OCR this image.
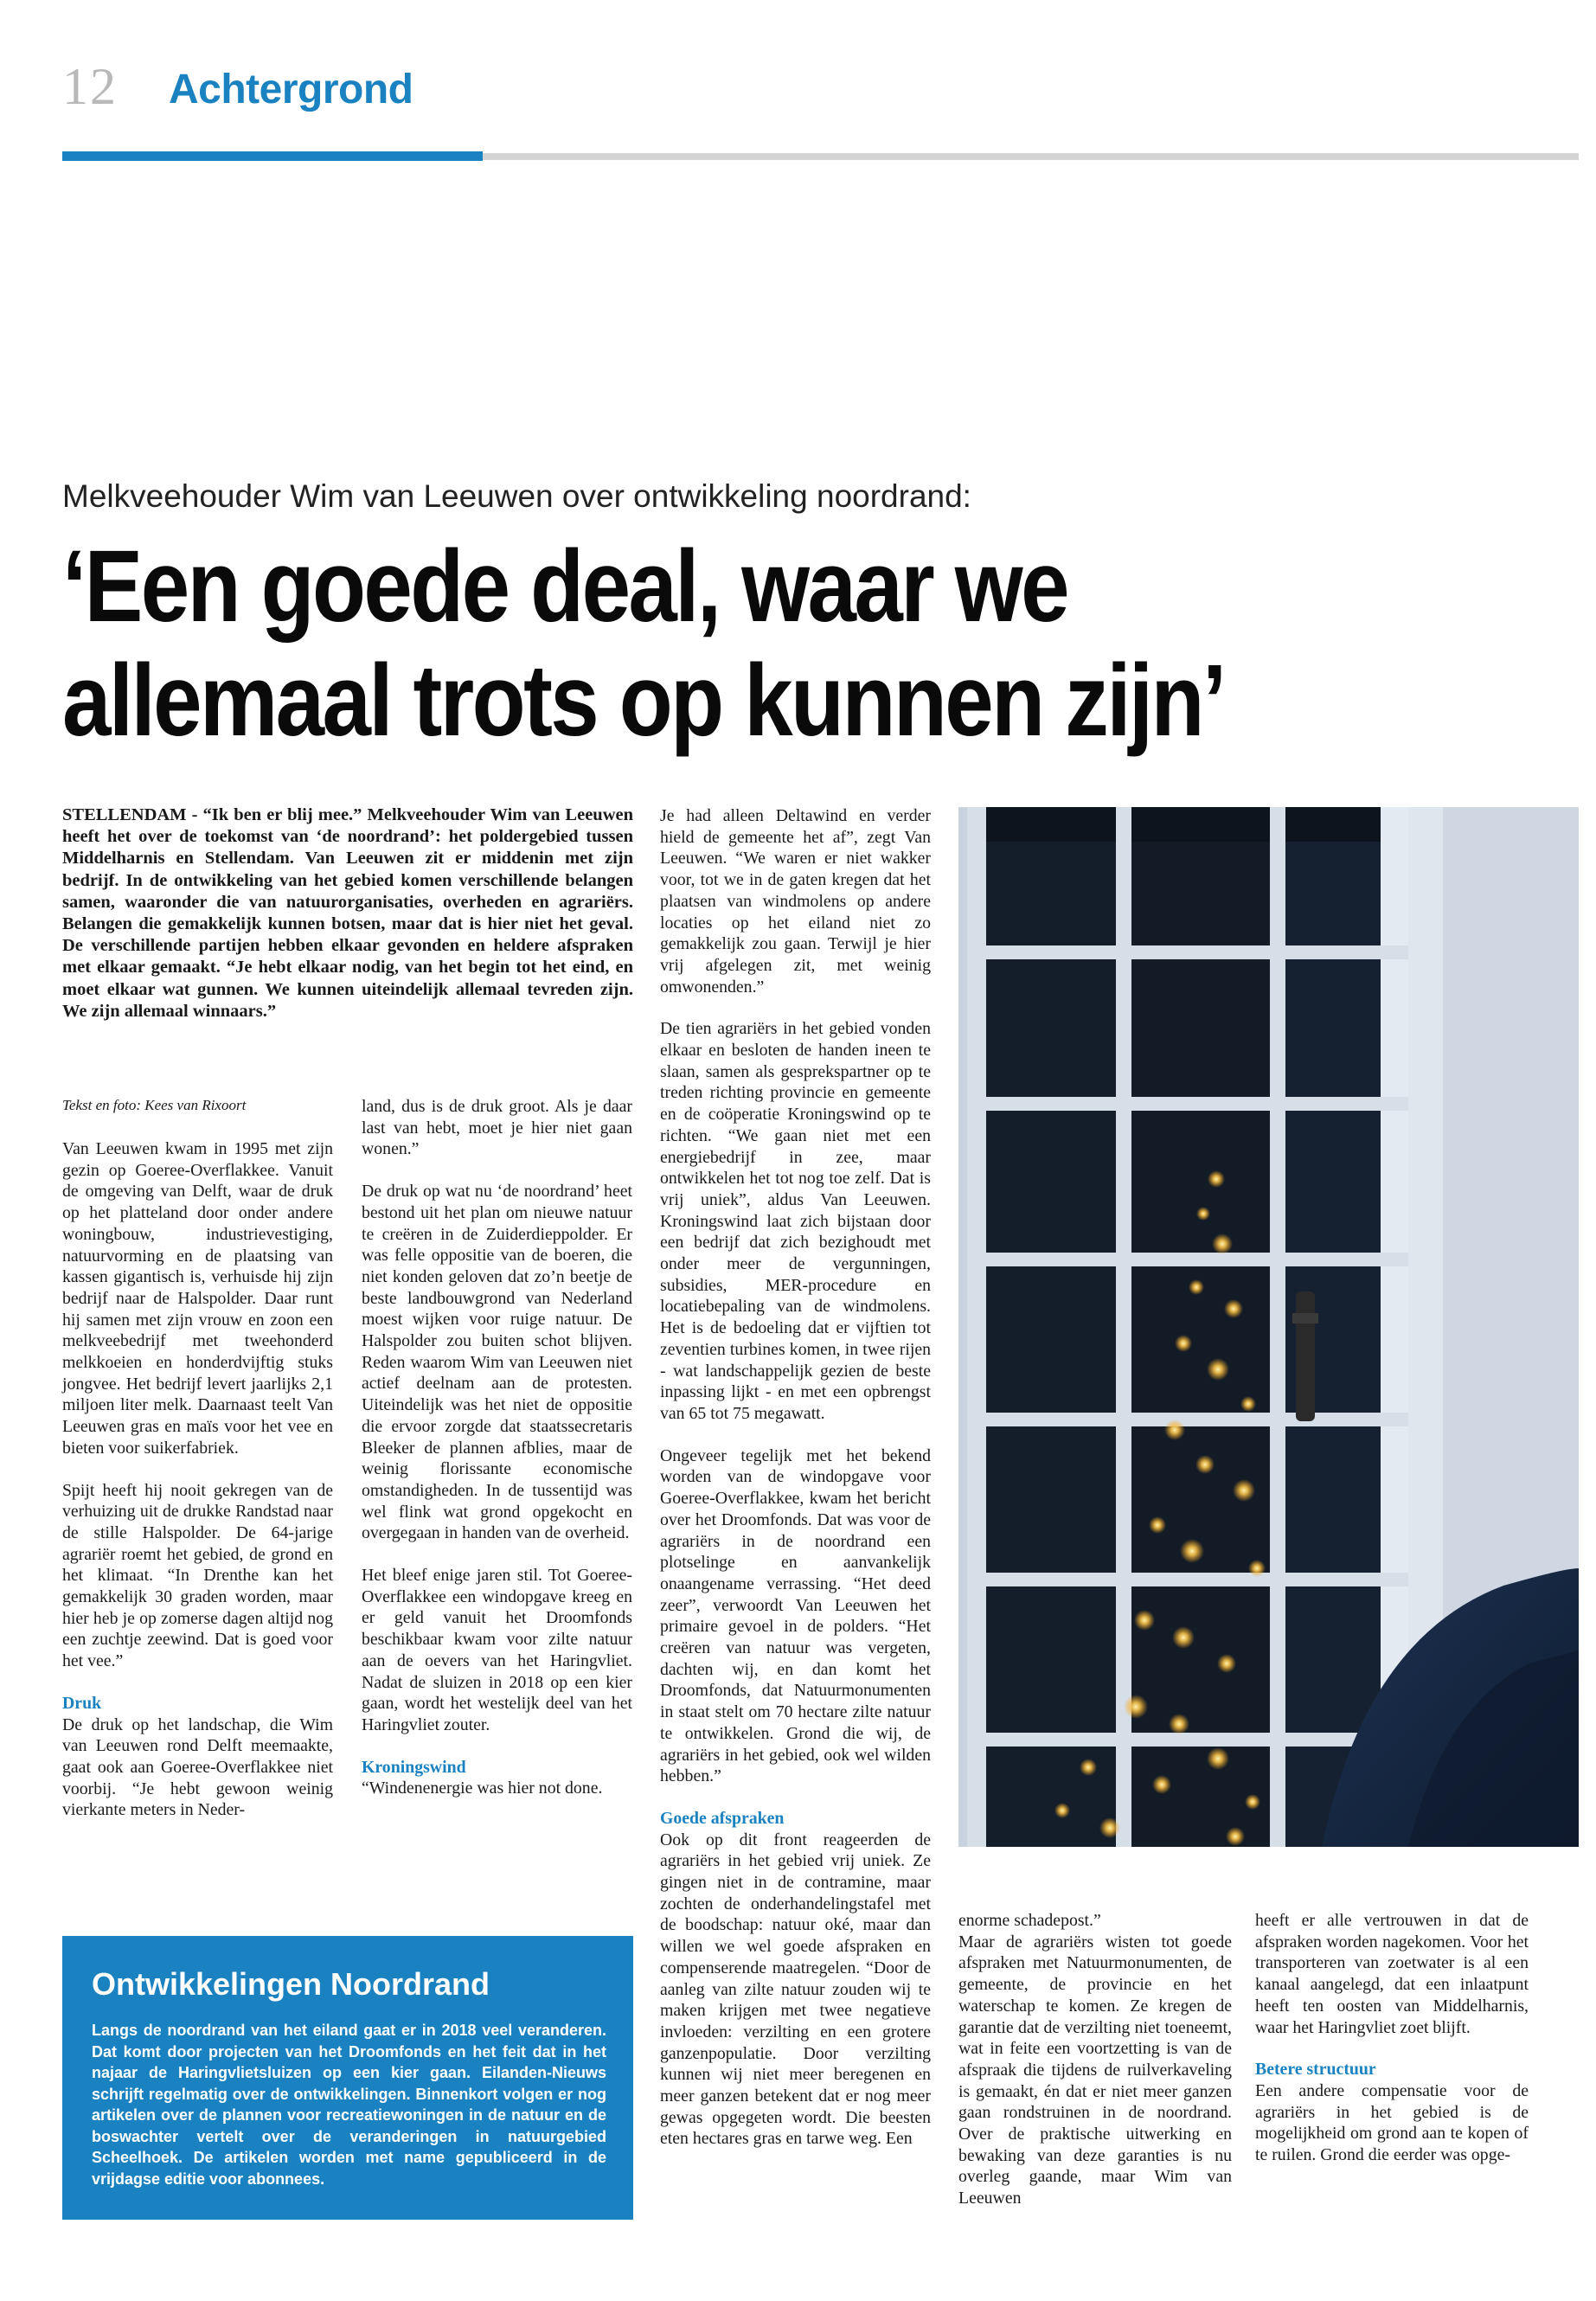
12 Achtergrond
Melkveehouder Wim van Leeuwen over ontwikkeling noordrand:
‘Een goede deal, waar we
allemaal trots op kunnen zijn’
STELLENDAM - “Ik ben er blij mee.” Melkveehouder Wim van Leeuwen heeft het over de toekomst van ‘de noordrand’: het poldergebied tussen Middelharnis en Stellendam. Van Leeuwen zit er middenin met zijn bedrijf. In de ontwikkeling van het gebied komen verschillende belangen samen, waaronder die van natuurorganisaties, overheden en agrariërs. Belangen die gemakkelijk kunnen botsen, maar dat is hier niet het geval. De verschillende partijen hebben elkaar gevonden en heldere afspraken met elkaar gemaakt. “Je hebt elkaar nodig, van het begin tot het eind, en moet elkaar wat gunnen. We kunnen uiteindelijk allemaal tevreden zijn. We zijn allemaal winnaars.”
Tekst en foto: Kees van Rixoort

Van Leeuwen kwam in 1995 met zijn gezin op Goeree-Overflakkee. Vanuit de omgeving van Delft, waar de druk op het platteland door onder andere woningbouw, industrievestiging, natuurvorming en de plaatsing van kassen gigantisch is, verhuisde hij zijn bedrijf naar de Halspolder. Daar runt hij samen met zijn vrouw en zoon een melkveebedrijf met tweehonderd melkkoeien en honderdvijftig stuks jongvee. Het bedrijf levert jaarlijks 2,1 miljoen liter melk. Daarnaast teelt Van Leeuwen gras en maïs voor het vee en bieten voor suikerfabriek.

Spijt heeft hij nooit gekregen van de verhuizing uit de drukke Randstad naar de stille Halspolder. De 64-jarige agrariër roemt het gebied, de grond en het klimaat. “In Drenthe kan het gemakkelijk 30 graden worden, maar hier heb je op zomerse dagen altijd nog een zuchtje zeewind. Dat is goed voor het vee.”

Druk

De druk op het landschap, die Wim van Leeuwen rond Delft meemaakte, gaat ook aan Goeree-Overflakkee niet voorbij. “Je hebt gewoon weinig vierkante meters in Neder-

land, dus is de druk groot. Als je daar last van hebt, moet je hier niet gaan wonen.”

De druk op wat nu ‘de noordrand’ heet bestond uit het plan om nieuwe natuur te creëren in de Zuiderdieppolder. Er was felle oppositie van de boeren, die niet konden geloven dat zo’n beetje de beste landbouwgrond van Nederland moest wijken voor ruige natuur. De Halspolder zou buiten schot blijven. Reden waarom Wim van Leeuwen niet actief deelnam aan de protesten. Uiteindelijk was het niet de oppositie die ervoor zorgde dat staatssecretaris Bleeker de plannen afblies, maar de weinig florissante economische omstandigheden. In de tussentijd was wel flink wat grond opgekocht en overgegaan in handen van de overheid.

Het bleef enige jaren stil. Tot Goeree-Overflakkee een windopgave kreeg en er geld vanuit het Droomfonds beschikbaar kwam voor zilte natuur aan de oevers van het Haringvliet. Nadat de sluizen in 2018 op een kier gaan, wordt het westelijk deel van het Haringvliet zouter.

Kroningswind

“Windenenergie was hier not done.

Je had alleen Deltawind en verder hield de gemeente het af”, zegt Van Leeuwen. “We waren er niet wakker voor, tot we in de gaten kregen dat het plaatsen van windmolens op andere locaties op het eiland niet zo gemakkelijk zou gaan. Terwijl je hier vrij afgelegen zit, met weinig omwonenden.”

De tien agrariërs in het gebied vonden elkaar en besloten de handen ineen te slaan, samen als gesprekspartner op te treden richting provincie en gemeente en de coöperatie Kroningswind op te richten. “We gaan niet met een energiebedrijf in zee, maar ontwikkelen het tot nog toe zelf. Dat is vrij uniek”, aldus Van Leeuwen. Kroningswind laat zich bijstaan door een bedrijf dat zich bezighoudt met onder meer de vergunningen, subsidies, MER-procedure en locatiebepaling van de windmolens. Het is de bedoeling dat er vijftien tot zeventien turbines komen, in twee rijen - wat landschappelijk gezien de beste inpassing lijkt - en met een opbrengst van 65 tot 75 megawatt.

Ongeveer tegelijk met het bekend worden van de windopgave voor Goeree-Overflakkee, kwam het bericht over het Droomfonds. Dat was voor de agrariërs in de noordrand een plotselinge en aanvankelijk onaangename verrassing. “Het deed zeer”, verwoordt Van Leeuwen het primaire gevoel in de polders. “Het creëren van natuur was vergeten, dachten wij, en dan komt het Droomfonds, dat Natuurmonumenten in staat stelt om 70 hectare zilte natuur te ontwikkelen. Grond die wij, de agrariërs in het gebied, ook wel wilden hebben.”

Goede afspraken

Ook op dit front reageerden de agrariërs in het gebied vrij uniek. Ze gingen niet in de contramine, maar zochten de onderhandelingstafel met de boodschap: natuur oké, maar dan willen we wel goede afspraken en compenserende maatregelen. “Door de aanleg van zilte natuur zouden wij te maken krijgen met twee negatieve invloeden: verzilting en een grotere ganzenpopulatie. Door verzilting kunnen wij niet meer beregenen en meer ganzen betekent dat er nog meer gewas opgegeten wordt. Die beesten eten hectares gras en tarwe weg. Een

enorme schadepost.”

Maar de agrariërs wisten tot goede afspraken met Natuurmonumenten, de gemeente, de provincie en het waterschap te komen. Ze kregen de garantie dat de verzilting niet toeneemt, wat in feite een voortzetting is van de afspraak die tijdens de ruilverkaveling is gemaakt, én dat er niet meer ganzen gaan rondstruinen in de noordrand. Over de praktische uitwerking en bewaking van deze garanties is nu overleg gaande, maar Wim van Leeuwen

heeft er alle vertrouwen in dat de afspraken worden nagekomen. Voor het transporteren van zoetwater is al een kanaal aangelegd, dat een inlaatpunt heeft ten oosten van Middelharnis, waar het Haringvliet zoet blijft.

Betere structuur

Een andere compensatie voor de agrariërs in het gebied is de mogelijkheid om grond aan te kopen of te ruilen. Grond die eerder was opge-

Ontwikkelingen Noordrand
Langs de noordrand van het eiland gaat er in 2018 veel veranderen. Dat komt door projecten van het Droomfonds en het feit dat in het najaar de Haringvlietsluizen op een kier gaan. Eilanden-Nieuws schrijft regelmatig over de ontwikkelingen. Binnenkort volgen er nog artikelen over de plannen voor recreatiewoningen in de natuur en de boswachter vertelt over de veranderingen in natuurgebied Scheelhoek. De artikelen worden met name gepubliceerd in de vrijdagse editie voor abonnees.
